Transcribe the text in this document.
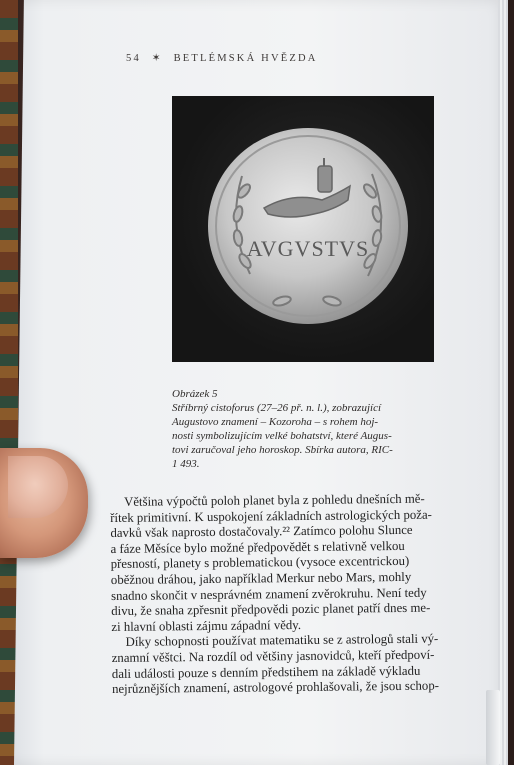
54 ✶ BETLÉMSKÁ HVĚZDA
AVGVSTVS
Obrázek 5
Stříbrný cistoforus (27–26 př. n. l.), zobrazující
Augustovo znamení – Kozoroha – s rohem hoj-
nosti symbolizujícím velké bohatství, které Augus-
tovi zaručoval jeho horoskop. Sbírka autora, RIC-
1 493.
Většina výpočtů poloh planet byla z pohledu dnešních mě-
řítek primitivní. K uspokojení základních astrologických poža-
davků však naprosto dostačovaly.²² Zatímco polohu Slunce
a fáze Měsíce bylo možné předpovědět s relativně velkou
přesností, planety s problematickou (vysoce excentrickou)
oběžnou dráhou, jako například Merkur nebo Mars, mohly
snadno skončit v nesprávném znamení zvěrokruhu. Není tedy
divu, že snaha zpřesnit předpovědi pozic planet patří dnes me-
zi hlavní oblasti zájmu západní vědy.
Díky schopnosti používat matematiku se z astrologů stali vý-
znamní věštci. Na rozdíl od většiny jasnovidců, kteří předpoví-
dali události pouze s denním předstihem na základě výkladu
nejrůznějších znamení, astrologové prohlašovali, že jsou schop-
